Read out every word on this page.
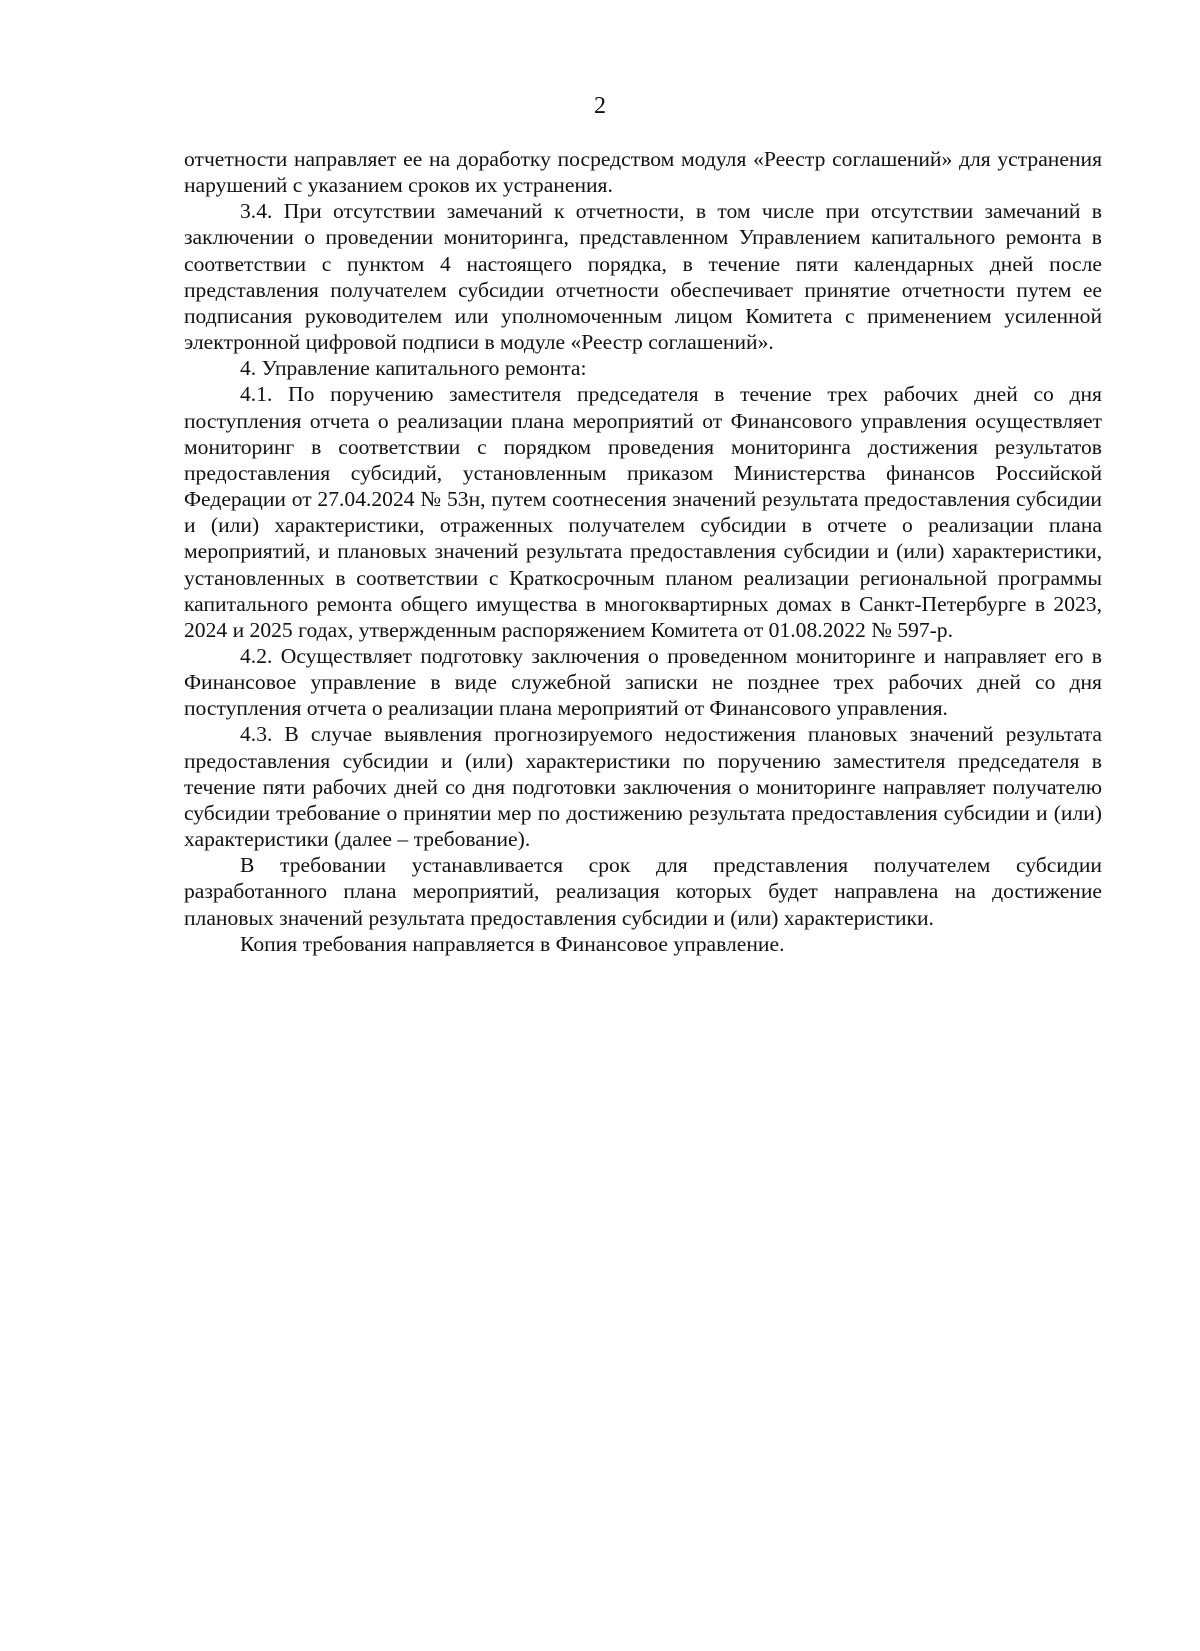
2

отчетности направляет ее на доработку посредством модуля «Реестр соглашений» для устранения нарушений с указанием сроков их устранения.

3.4. При отсутствии замечаний к отчетности, в том числе при отсутствии замечаний в заключении о проведении мониторинга, представленном Управлением капитального ремонта в соответствии с пунктом 4 настоящего порядка, в течение пяти календарных дней после представления получателем субсидии отчетности обеспечивает принятие отчетности путем ее подписания руководителем или уполномоченным лицом Комитета с применением усиленной электронной цифровой подписи в модуле «Реестр соглашений».

4. Управление капитального ремонта:

4.1. По поручению заместителя председателя в течение трех рабочих дней со дня поступления отчета о реализации плана мероприятий от Финансового управления осуществляет мониторинг в соответствии с порядком проведения мониторинга достижения результатов предоставления субсидий, установленным приказом Министерства финансов Российской Федерации от 27.04.2024 № 53н, путем соотнесения значений результата предоставления субсидии и (или) характеристики, отраженных получателем субсидии в отчете о реализации плана мероприятий, и плановых значений результата предоставления субсидии и (или) характеристики, установленных в соответствии с Краткосрочным планом реализации региональной программы капитального ремонта общего имущества в многоквартирных домах в Санкт-Петербурге в 2023, 2024 и 2025 годах, утвержденным распоряжением Комитета от 01.08.2022 № 597-р.

4.2. Осуществляет подготовку заключения о проведенном мониторинге и направляет его в Финансовое управление в виде служебной записки не позднее трех рабочих дней со дня поступления отчета о реализации плана мероприятий от Финансового управления.

4.3. В случае выявления прогнозируемого недостижения плановых значений результата предоставления субсидии и (или) характеристики по поручению заместителя председателя в течение пяти рабочих дней со дня подготовки заключения о мониторинге направляет получателю субсидии требование о принятии мер по достижению результата предоставления субсидии и (или) характеристики (далее – требование).

В требовании устанавливается срок для представления получателем субсидии разработанного плана мероприятий, реализация которых будет направлена на достижение плановых значений результата предоставления субсидии и (или) характеристики.

Копия требования направляется в Финансовое управление.
